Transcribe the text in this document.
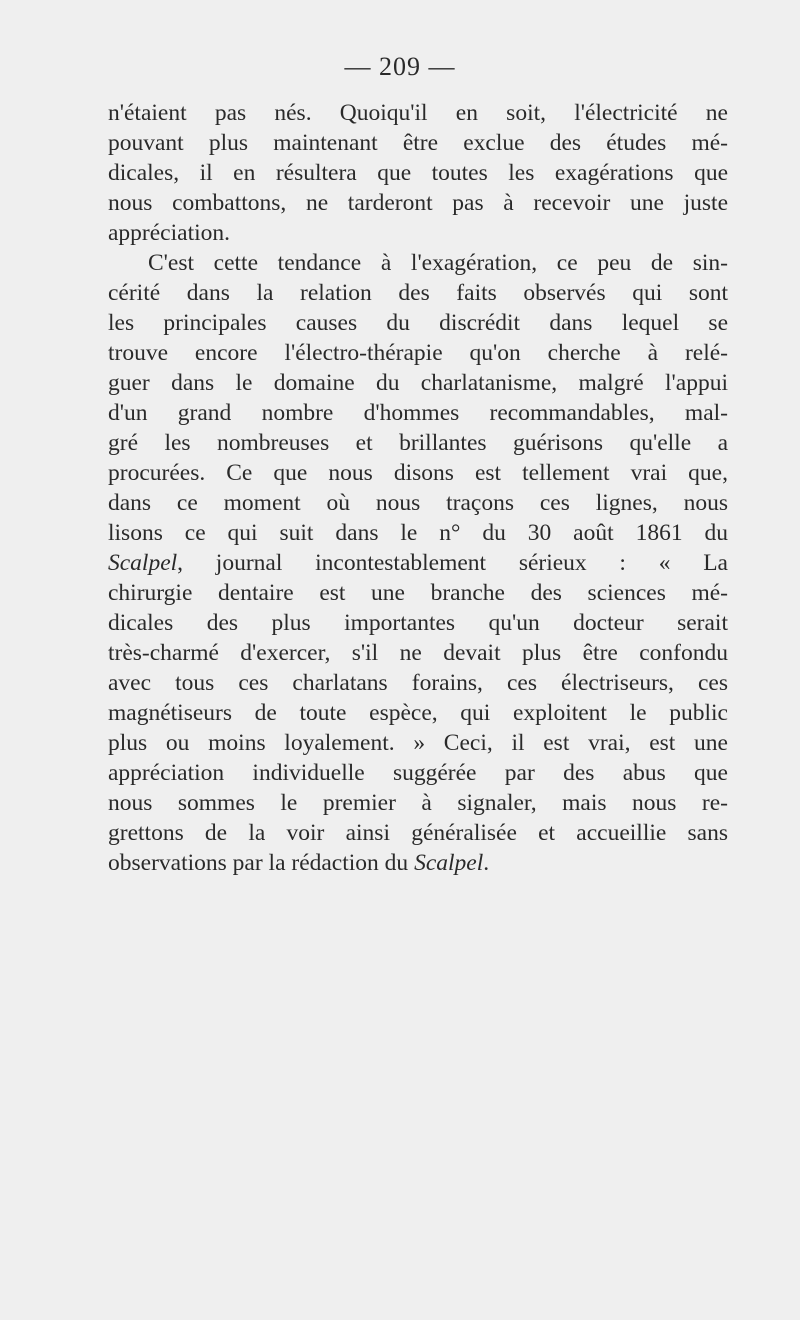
— 209 —
n'étaient pas nés. Quoiqu'il en soit, l'électricité ne
pouvant plus maintenant être exclue des études mé-
dicales, il en résultera que toutes les exagérations que
nous combattons, ne tarderont pas à recevoir une juste
appréciation.
C'est cette tendance à l'exagération, ce peu de sin-
cérité dans la relation des faits observés qui sont
les principales causes du discrédit dans lequel se
trouve encore l'électro-thérapie qu'on cherche à relé-
guer dans le domaine du charlatanisme, malgré l'appui
d'un grand nombre d'hommes recommandables, mal-
gré les nombreuses et brillantes guérisons qu'elle a
procurées. Ce que nous disons est tellement vrai que,
dans ce moment où nous traçons ces lignes, nous
lisons ce qui suit dans le n° du 30 août 1861 du
Scalpel, journal incontestablement sérieux : « La
chirurgie dentaire est une branche des sciences mé-
dicales des plus importantes qu'un docteur serait
très-charmé d'exercer, s'il ne devait plus être confondu
avec tous ces charlatans forains, ces électriseurs, ces
magnétiseurs de toute espèce, qui exploitent le public
plus ou moins loyalement. » Ceci, il est vrai, est une
appréciation individuelle suggérée par des abus que
nous sommes le premier à signaler, mais nous re-
grettons de la voir ainsi généralisée et accueillie sans
observations par la rédaction du Scalpel.
